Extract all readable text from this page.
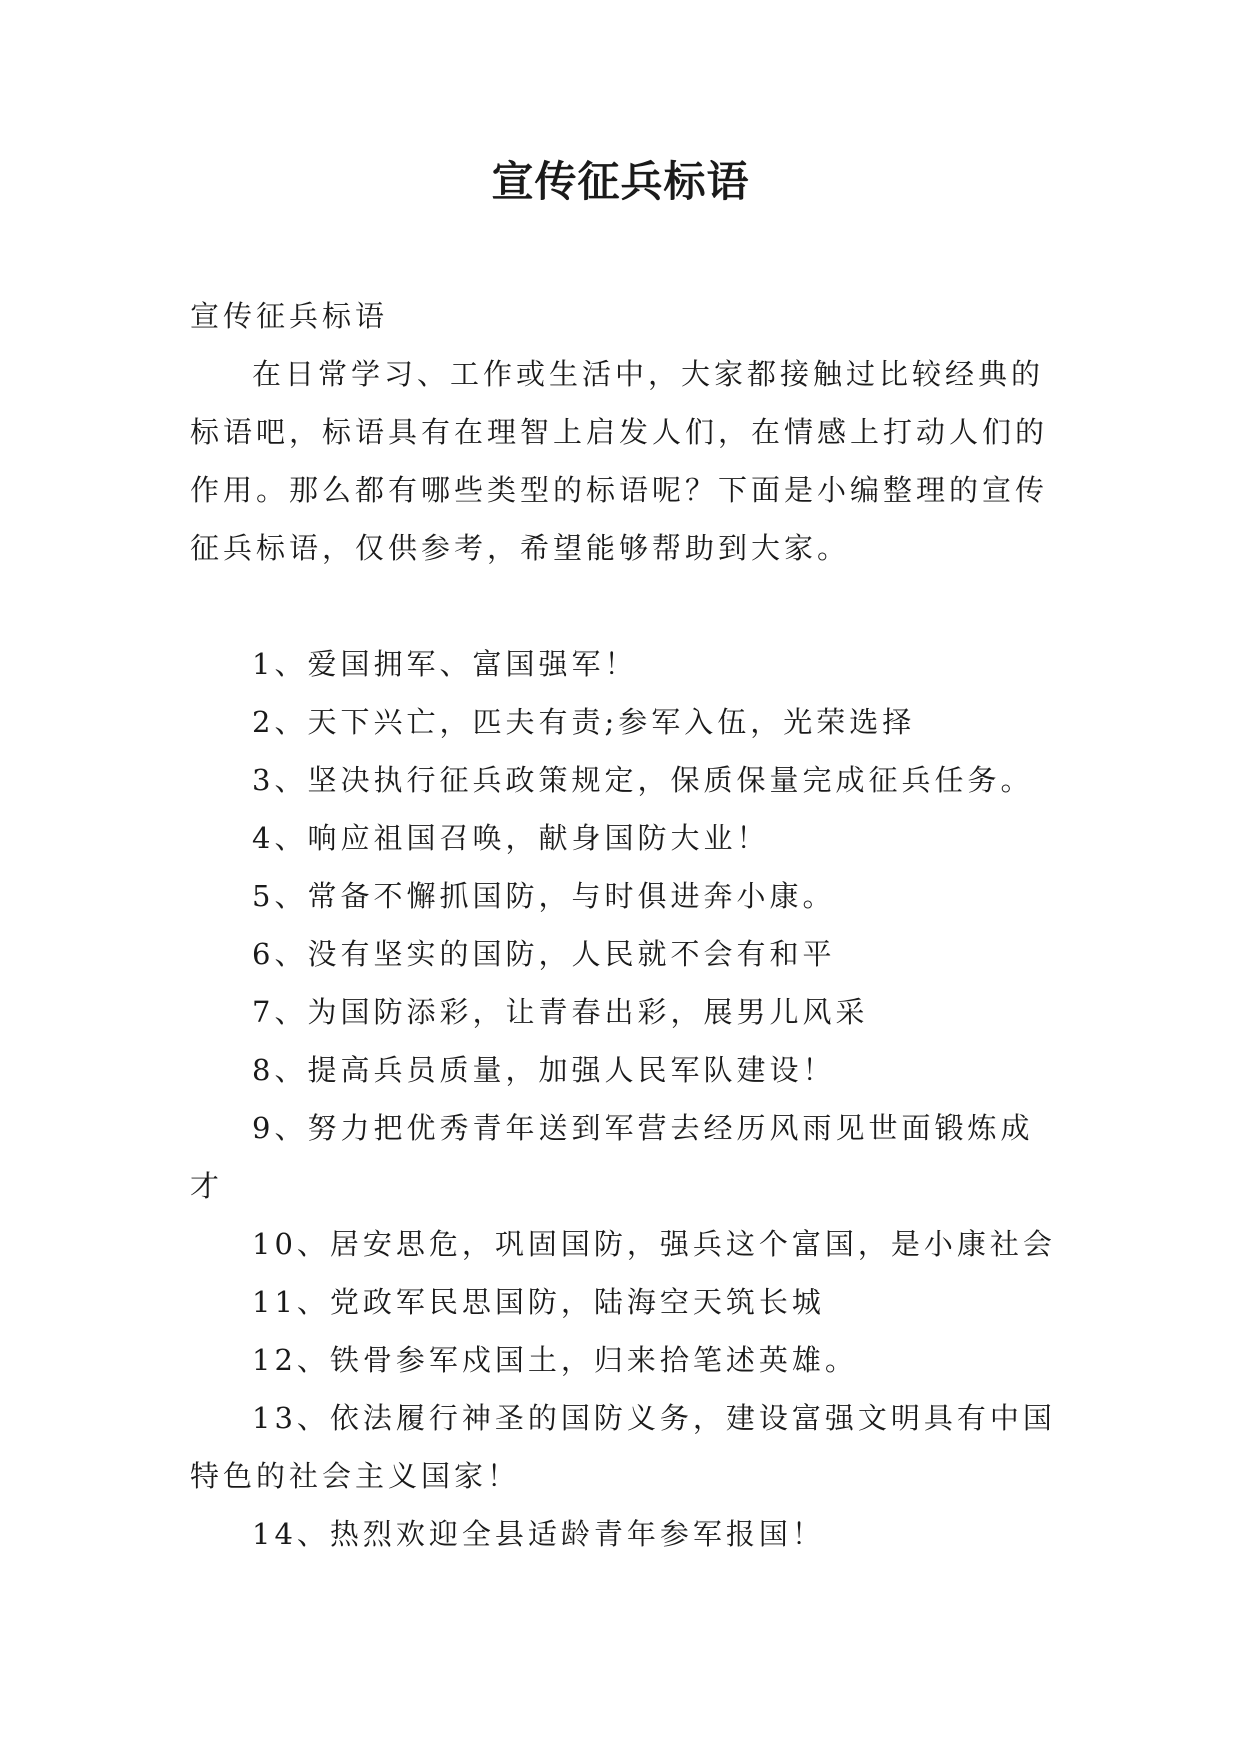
宣传征兵标语

宣传征兵标语

在日常学习、工作或生活中，大家都接触过比较经典的标语吧，标语具有在理智上启发人们，在情感上打动人们的作用。那么都有哪些类型的标语呢？下面是小编整理的宣传征兵标语，仅供参考，希望能够帮助到大家。

1、爱国拥军、富国强军！
2、天下兴亡，匹夫有责;参军入伍，光荣选择
3、坚决执行征兵政策规定，保质保量完成征兵任务。
4、响应祖国召唤，献身国防大业！
5、常备不懈抓国防，与时俱进奔小康。
6、没有坚实的国防，人民就不会有和平
7、为国防添彩，让青春出彩，展男儿风采
8、提高兵员质量，加强人民军队建设！
9、努力把优秀青年送到军营去经历风雨见世面锻炼成才
10、居安思危，巩固国防，强兵这个富国，是小康社会
11、党政军民思国防，陆海空天筑长城
12、铁骨参军戍国土，归来拾笔述英雄。
13、依法履行神圣的国防义务，建设富强文明具有中国特色的社会主义国家！
14、热烈欢迎全县适龄青年参军报国！
